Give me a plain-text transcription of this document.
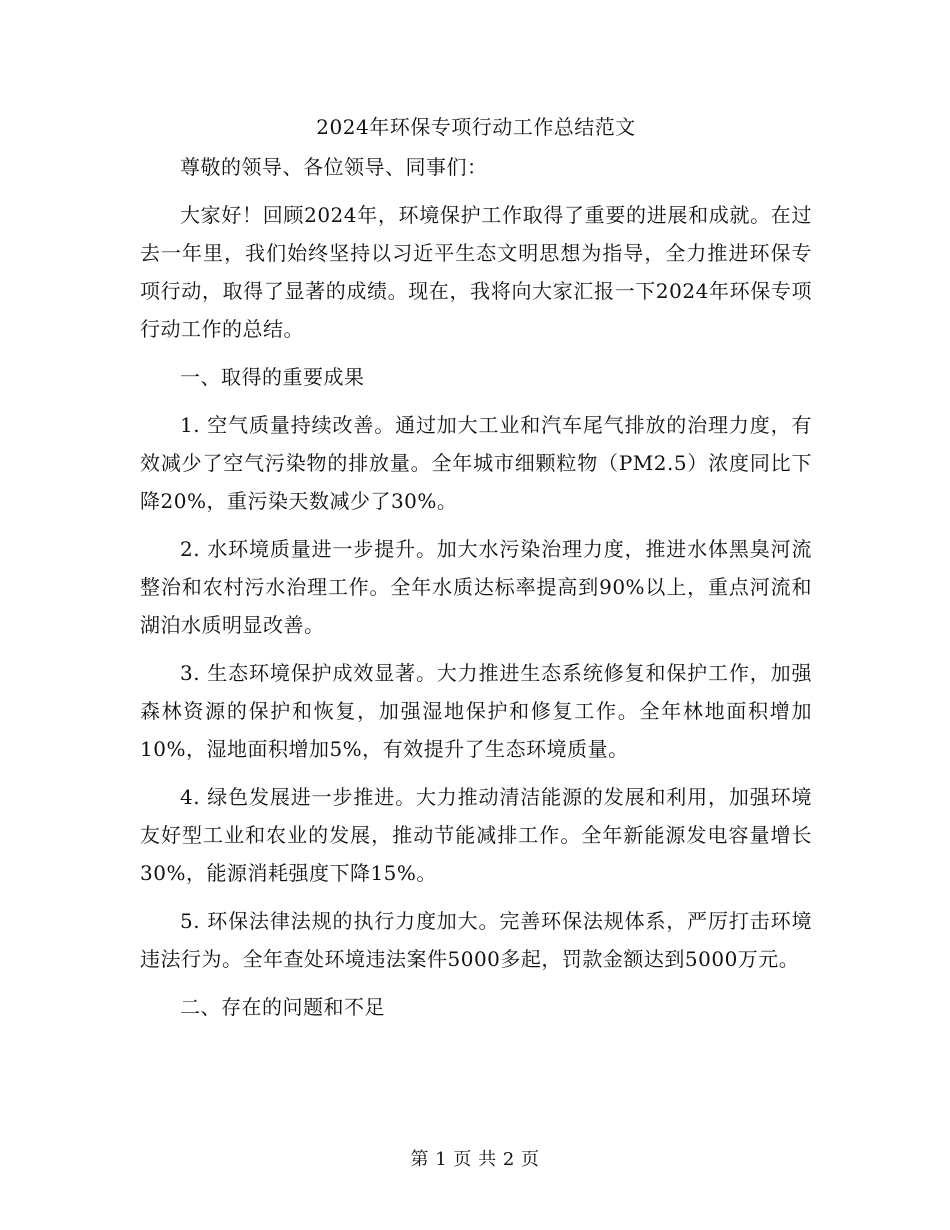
2024年环保专项行动工作总结范文
尊敬的领导、各位领导、同事们：
大家好！回顾2024年，环境保护工作取得了重要的进展和成就。在过去一年里，我们始终坚持以习近平生态文明思想为指导，全力推进环保专项行动，取得了显著的成绩。现在，我将向大家汇报一下2024年环保专项行动工作的总结。
一、取得的重要成果
1. 空气质量持续改善。通过加大工业和汽车尾气排放的治理力度，有效减少了空气污染物的排放量。全年城市细颗粒物（PM2.5）浓度同比下降20%，重污染天数减少了30%。
2. 水环境质量进一步提升。加大水污染治理力度，推进水体黑臭河流整治和农村污水治理工作。全年水质达标率提高到90%以上，重点河流和湖泊水质明显改善。
3. 生态环境保护成效显著。大力推进生态系统修复和保护工作，加强森林资源的保护和恢复，加强湿地保护和修复工作。全年林地面积增加10%，湿地面积增加5%，有效提升了生态环境质量。
4. 绿色发展进一步推进。大力推动清洁能源的发展和利用，加强环境友好型工业和农业的发展，推动节能减排工作。全年新能源发电容量增长30%，能源消耗强度下降15%。
5. 环保法律法规的执行力度加大。完善环保法规体系，严厉打击环境违法行为。全年查处环境违法案件5000多起，罚款金额达到5000万元。
二、存在的问题和不足
第 1 页 共 2 页
